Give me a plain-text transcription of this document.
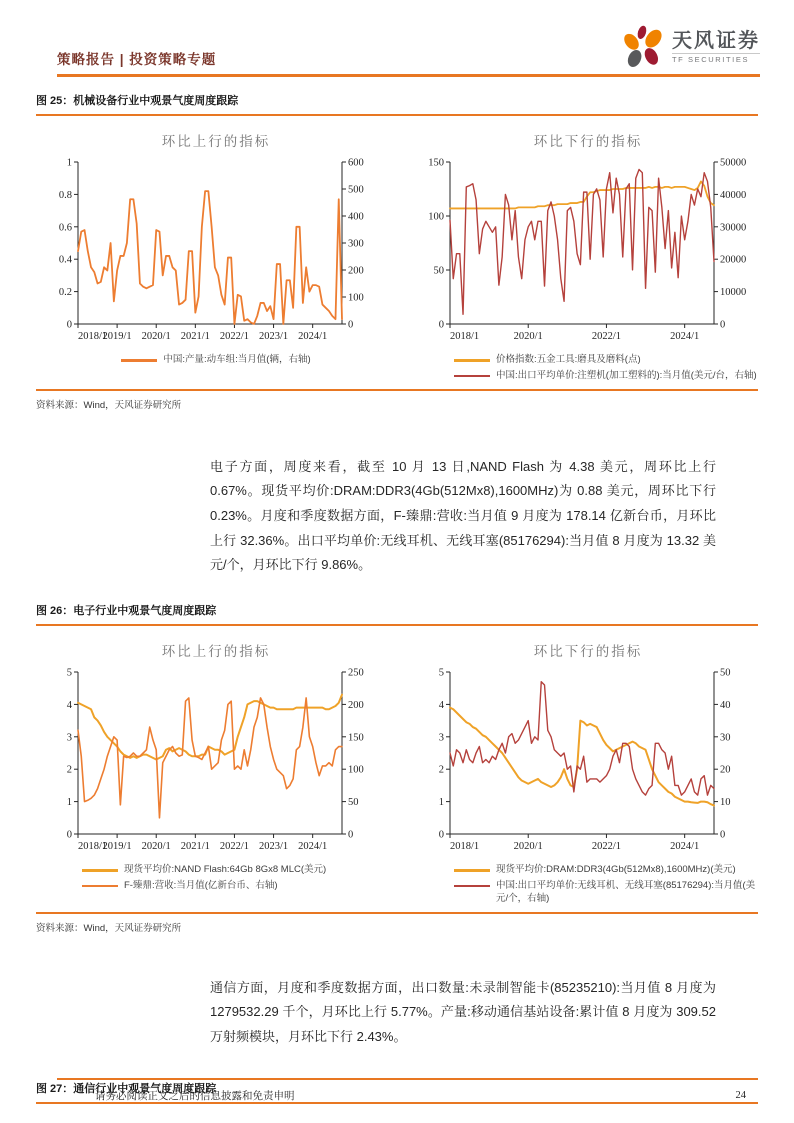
策略报告 | 投资策略专题
天风证券
TF SECURITIES
图 25：机械设备行业中观景气度周度跟踪
环比上行的指标
0
0.2
0.4
0.6
0.8
1
0
100
200
300
400
500
600
2018/1
2019/1 2020/1 2021/1 2022/1 2023/1 2024/1
中国:产量:动车组:当月值(辆，右轴)
环比下行的指标
0
50
100
150
0
10000
20000
30000
40000
50000
2018/1	2020/1	2022/1	2024/1
价格指数:五金工具:磨具及磨料(点)
中国:出口平均单价:注塑机(加工塑料的):当月值(美元/台，右轴)
资料来源：Wind，天风证券研究所

电子方面，周度来看，截至 10 月 13 日,NAND Flash 为 4.38 美元，周环比上行 0.67%。现货平均价:DRAM:DDR3(4Gb(512Mx8),1600MHz)为 0.88 美元，周环比下行 0.23%。月度和季度数据方面，F-臻鼎:营收:当月值 9 月度为 178.14 亿新台币，月环比上行 32.36%。出口平均单价:无线耳机、无线耳塞(85176294):当月值 8 月度为 13.32 美元/个，月环比下行 9.86%。

图 26：电子行业中观景气度周度跟踪
环比上行的指标
0
1
2
3
4
5
0
50
100
150
200
250
2018/1
2019/1 2020/1 2021/1 2022/1 2023/1 2024/1
现货平均价:NAND Flash:64Gb 8Gx8 MLC(美元)
F-臻鼎:营收:当月值(亿新台币、右轴)
环比下行的指标
0
1
2
3
4
5
0
10
20
30
40
50
2018/1	2020/1	2022/1	2024/1
现货平均价:DRAM:DDR3(4Gb(512Mx8),1600MHz)(美元)
中国:出口平均单价:无线耳机、无线耳塞(85176294):当月值(美元/个，右轴)
资料来源：Wind，天风证券研究所

通信方面，月度和季度数据方面，出口数量:未录制智能卡(85235210):当月值 8 月度为 1279532.29 千个，月环比上行 5.77%。产量:移动通信基站设备:累计值 8 月度为 309.52 万射频模块，月环比下行 2.43%。

图 27：通信行业中观景气度周度跟踪
请务必阅读正文之后的信息披露和免责申明	24
